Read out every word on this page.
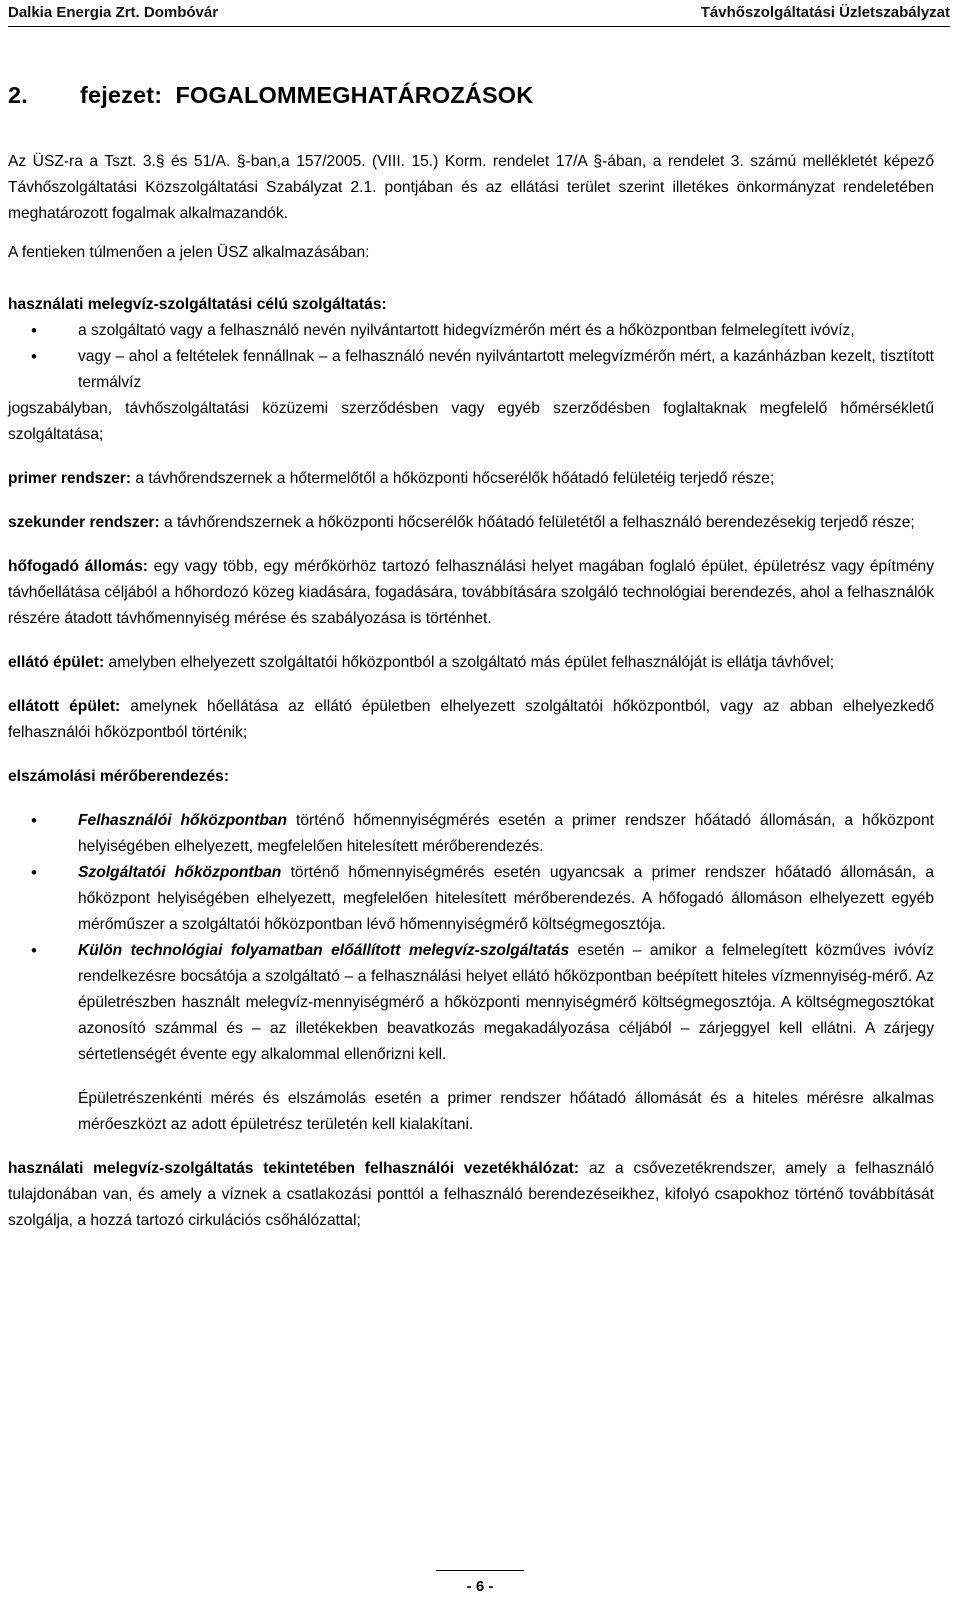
Dalkia Energia Zrt. Dombóvár	Távhőszolgáltatási Üzletszabályzat
2. fejezet:  FOGALOMMEGHATÁROZÁSOK

Az ÜSZ-ra a Tszt. 3.§ és 51/A. §-ban,a 157/2005. (VIII. 15.) Korm. rendelet 17/A §-ában, a rendelet 3. számú mellékletét képező Távhőszolgáltatási Közszolgáltatási Szabályzat 2.1. pontjában és az ellátási terület szerint illetékes önkormányzat rendeletében meghatározott fogalmak alkalmazandók.

A fentieken túlmenően a jelen ÜSZ alkalmazásában:

használati melegvíz-szolgáltatási célú szolgáltatás:

• a szolgáltató vagy a felhasználó nevén nyilvántartott hidegvízmérőn mért és a hőközpontban felmelegített ivóvíz,
• vagy – ahol a feltételek fennállnak – a felhasználó nevén nyilvántartott melegvízmérőn mért, a kazánházban kezelt, tisztított termálvíz

jogszabályban, távhőszolgáltatási közüzemi szerződésben vagy egyéb szerződésben foglaltaknak megfelelő hőmérsékletű szolgáltatása;

primer rendszer: a távhőrendszernek a hőtermelőtől a hőközponti hőcserélők hőátadó felületéig terjedő része;

szekunder rendszer: a távhőrendszernek a hőközponti hőcserélők hőátadó felületétől a felhasználó berendezésekig terjedő része;

hőfogadó állomás: egy vagy több, egy mérőkörhöz tartozó felhasználási helyet magában foglaló épület, épületrész vagy építmény távhőellátása céljából a hőhordozó közeg kiadására, fogadására, továbbítására szolgáló technológiai berendezés, ahol a felhasználók részére átadott távhőmennyiség mérése és szabályozása is történhet.

ellátó épület: amelyben elhelyezett szolgáltatói hőközpontból a szolgáltató más épület felhasználóját is ellátja távhővel;

ellátott épület: amelynek hőellátása az ellátó épületben elhelyezett szolgáltatói hőközpontból, vagy az abban elhelyezkedő felhasználói hőközpontból történik;

elszámolási mérőberendezés:

• Felhasználói hőközpontban történő hőmennyiségmérés esetén a primer rendszer hőátadó állomásán, a hőközpont helyiségében elhelyezett, megfelelően hitelesített mérőberendezés.
• Szolgáltatói hőközpontban történő hőmennyiségmérés esetén ugyancsak a primer rendszer hőátadó állomásán, a hőközpont helyiségében elhelyezett, megfelelően hitelesített mérőberendezés. A hőfogadó állomáson elhelyezett egyéb mérőműszer a szolgáltatói hőközpontban lévő hőmennyiségmérő költségmegosztója.
• Külön technológiai folyamatban előállított melegvíz-szolgáltatás esetén – amikor a felmelegített közműves ivóvíz rendelkezésre bocsátója a szolgáltató – a felhasználási helyet ellátó hőközpontban beépített hiteles vízmennyiség-mérő. Az épületrészben használt melegvíz-mennyiségmérő a hőközponti mennyiségmérő költségmegosztója. A költségmegosztókat azonosító számmal és – az illetékekben beavatkozás megakadályozása céljából – zárjeggyel kell ellátni. A zárjegy sértetlenségét évente egy alkalommal ellenőrizni kell.

Épületrészenkénti mérés és elszámolás esetén a primer rendszer hőátadó állomását és a hiteles mérésre alkalmas mérőeszközt az adott épületrész területén kell kialakítani.

használati melegvíz-szolgáltatás tekintetében felhasználói vezetékhálózat: az a csővezetékrendszer, amely a felhasználó tulajdonában van, és amely a víznek a csatlakozási ponttól a felhasználó berendezéseikhez, kifolyó csapokhoz történő továbbítását szolgálja, a hozzá tartozó cirkulációs csőhálózattal;

- 6 -
